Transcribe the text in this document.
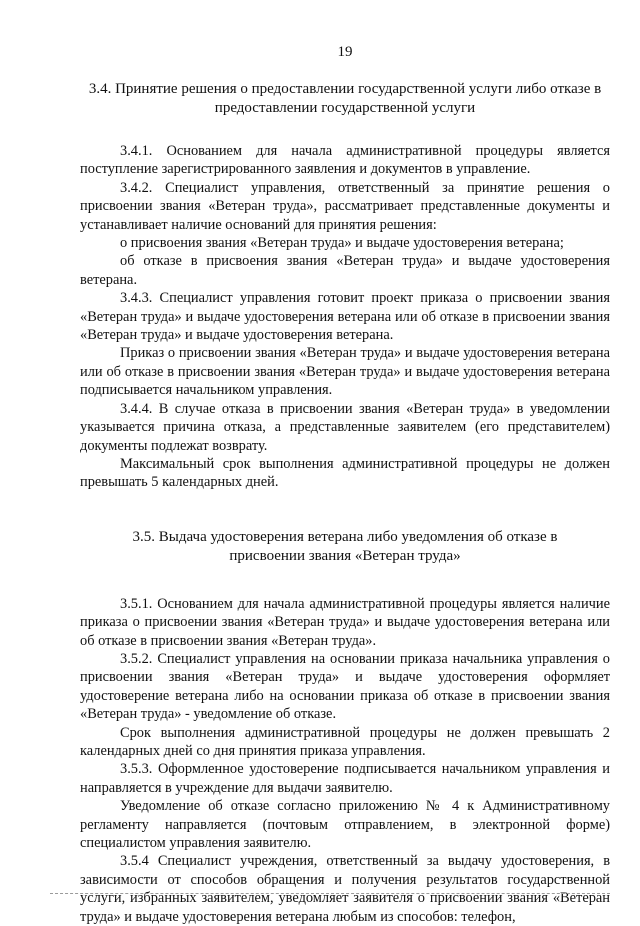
19
3.4. Принятие решения о предоставлении государственной услуги либо отказе в
предоставлении государственной услуги

3.4.1. Основанием для начала административной процедуры является поступление зарегистрированного заявления и документов в управление.

3.4.2. Специалист управления, ответственный за принятие решения о присвоении звания «Ветеран труда», рассматривает представленные документы и устанавливает наличие оснований для принятия решения:

о присвоения звания «Ветеран труда» и выдаче удостоверения ветерана;

об отказе в присвоения звания «Ветеран труда» и выдаче удостоверения ветерана.

3.4.3. Специалист управления готовит проект приказа о присвоении звания «Ветеран труда» и выдаче удостоверения ветерана или об отказе в присвоении звания «Ветеран труда» и выдаче удостоверения ветерана.

Приказ о присвоении звания «Ветеран труда» и выдаче удостоверения ветерана или об отказе в присвоении звания «Ветеран труда» и выдаче удостоверения ветерана подписывается начальником управления.

3.4.4. В случае отказа в присвоении звания «Ветеран труда» в уведомлении указывается причина отказа, а представленные заявителем (его представителем) документы подлежат возврату.

Максимальный срок выполнения административной процедуры не должен превышать 5 календарных дней.

3.5. Выдача удостоверения ветерана либо уведомления об отказе в
присвоении звания «Ветеран труда»

3.5.1. Основанием для начала административной процедуры является наличие приказа о присвоении звания «Ветеран труда» и выдаче удостоверения ветерана или об отказе в присвоении звания «Ветеран труда».

3.5.2. Специалист управления на основании приказа начальника управления о присвоении звания «Ветеран труда» и выдаче удостоверения оформляет удостоверение ветерана либо на основании приказа об отказе в присвоении звания «Ветеран труда» - уведомление об отказе.

Срок выполнения административной процедуры не должен превышать 2 календарных дней со дня принятия приказа управления.

3.5.3. Оформленное удостоверение подписывается начальником управления и направляется в учреждение для выдачи заявителю.

Уведомление об отказе согласно приложению № 4 к Административному регламенту направляется (почтовым отправлением, в электронной форме) специалистом управления заявителю.

3.5.4 Специалист учреждения, ответственный за выдачу удостоверения, в зависимости от способов обращения и получения результатов государственной услуги, избранных заявителем, уведомляет заявителя о присвоении звания «Ветеран труда» и выдаче удостоверения ветерана любым из способов: телефон,
